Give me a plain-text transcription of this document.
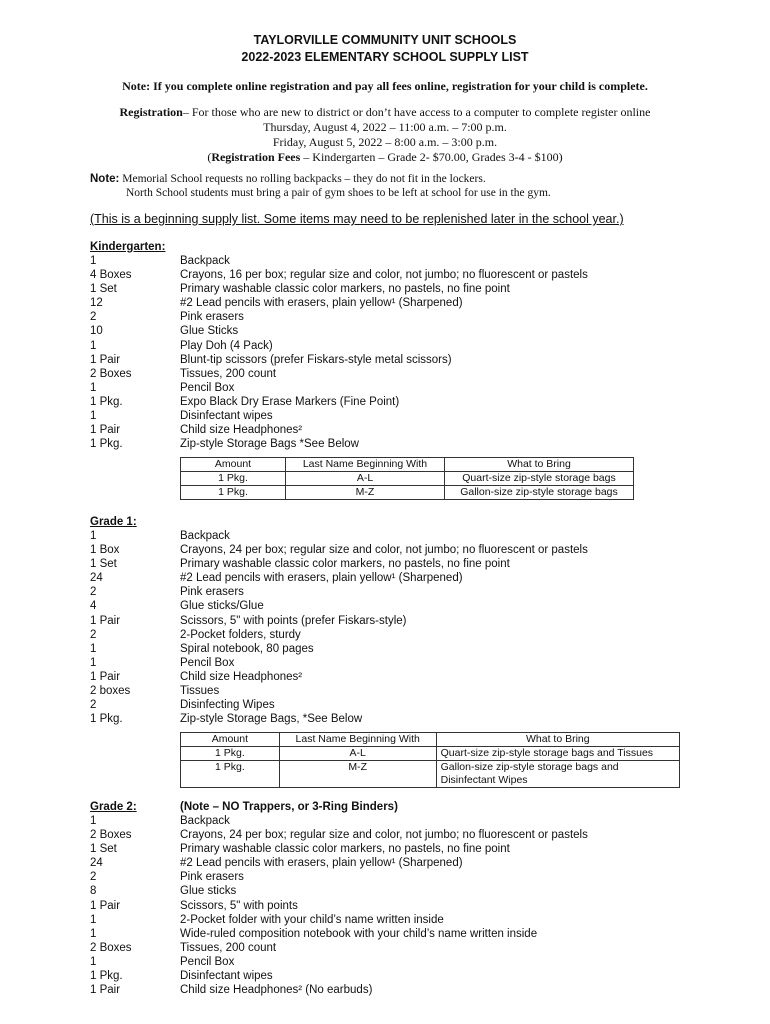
TAYLORVILLE COMMUNITY UNIT SCHOOLS
2022-2023 ELEMENTARY SCHOOL SUPPLY LIST
Note: If you complete online registration and pay all fees online, registration for your child is complete.
Registration– For those who are new to district or don’t have access to a computer to complete register online
Thursday, August 4, 2022 – 11:00 a.m. – 7:00 p.m.
Friday, August 5, 2022 – 8:00 a.m. – 3:00 p.m.
(Registration Fees – Kindergarten – Grade 2- $70.00, Grades 3-4 - $100)
Note: Memorial School requests no rolling backpacks – they do not fit in the lockers.
North School students must bring a pair of gym shoes to be left at school for use in the gym.
(This is a beginning supply list. Some items may need to be replenished later in the school year.)
Kindergarten:
1	Backpack
4 Boxes	Crayons, 16 per box; regular size and color, not jumbo; no fluorescent or pastels
1 Set	Primary washable classic color markers, no pastels, no fine point
12	#2 Lead pencils with erasers, plain yellow¹ (Sharpened)
2	Pink erasers
10	Glue Sticks
1	Play Doh (4 Pack)
1 Pair	Blunt-tip scissors (prefer Fiskars-style metal scissors)
2 Boxes	Tissues, 200 count
1	Pencil Box
1 Pkg.	Expo Black Dry Erase Markers (Fine Point)
1	Disinfectant wipes
1 Pair	Child size Headphones²
1 Pkg.	Zip-style Storage Bags *See Below
Amount	Last Name Beginning With	What to Bring
1 Pkg.	A-L	Quart-size zip-style storage bags
1 Pkg.	M-Z	Gallon-size zip-style storage bags
Grade 1:
1	Backpack
1 Box	Crayons, 24 per box; regular size and color, not jumbo; no fluorescent or pastels
1 Set	Primary washable classic color markers, no pastels, no fine point
24	#2 Lead pencils with erasers, plain yellow¹ (Sharpened)
2	Pink erasers
4	Glue sticks/Glue
1 Pair	Scissors, 5" with points (prefer Fiskars-style)
2	2-Pocket folders, sturdy
1	Spiral notebook, 80 pages
1	Pencil Box
1 Pair	Child size Headphones²
2 boxes	Tissues
2	Disinfecting Wipes
1 Pkg.	Zip-style Storage Bags, *See Below
Amount	Last Name Beginning With	What to Bring
1 Pkg.	A-L	Quart-size zip-style storage bags and Tissues
1 Pkg.	M-Z	Gallon-size zip-style storage bags and Disinfectant Wipes
Grade 2:	(Note – NO Trappers, or 3-Ring Binders)
1	Backpack
2 Boxes	Crayons, 24 per box; regular size and color, not jumbo; no fluorescent or pastels
1 Set	Primary washable classic color markers, no pastels, no fine point
24	#2 Lead pencils with erasers, plain yellow¹ (Sharpened)
2	Pink erasers
8	Glue sticks
1 Pair	Scissors, 5" with points
1	2-Pocket folder with your child’s name written inside
1	Wide-ruled composition notebook with your child’s name written inside
2 Boxes	Tissues, 200 count
1	Pencil Box
1 Pkg.	Disinfectant wipes
1 Pair	Child size Headphones² (No earbuds)
